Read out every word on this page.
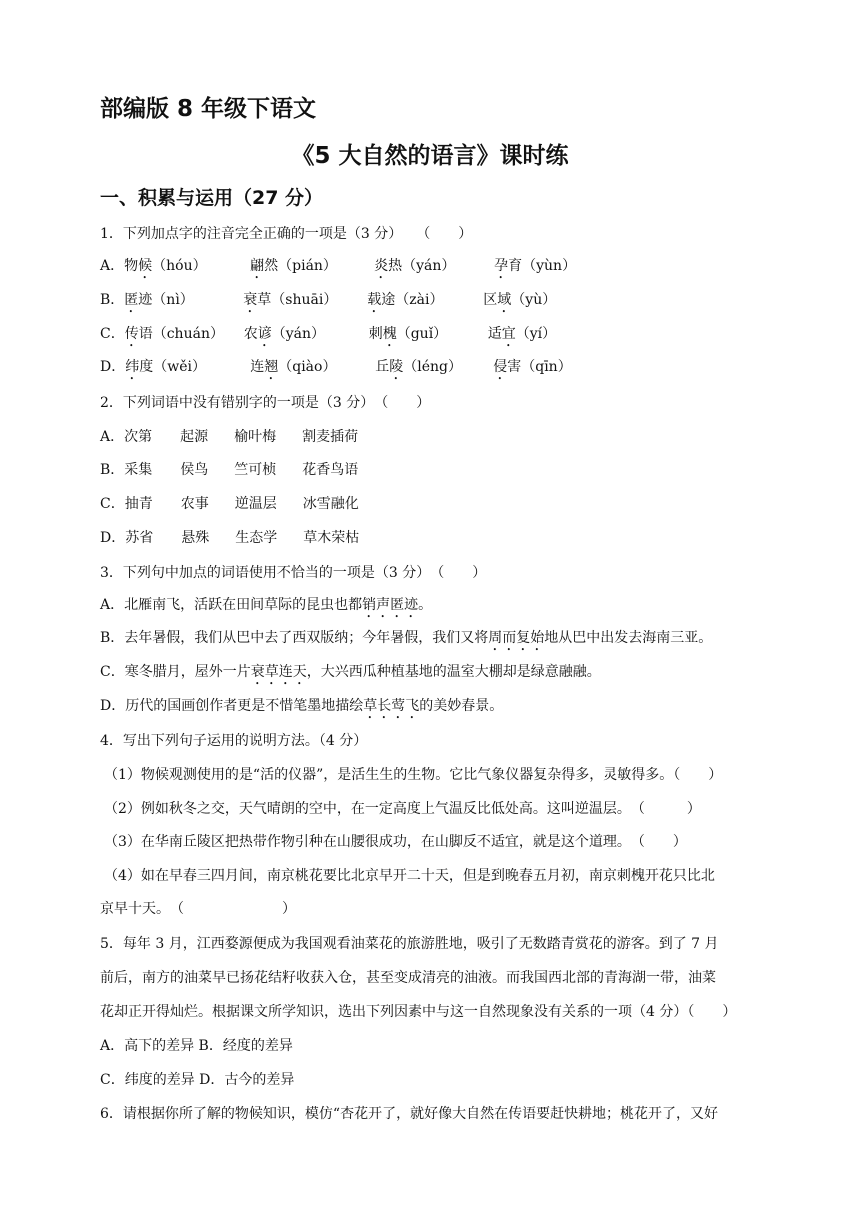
部编版 8 年级下语文
《5 大自然的语言》课时练
一、积累与运用（27 分）
1．下列加点字的注音完全正确的一项是（3 分）　　（　　）
A．物候（hóu）	翩然（pián）	炎热（yán）	孕育（yùn）
B．匿迹（nì）	衰草（shuāi） 载途（zài）	区域（yù）
C．传语（chuán） 农谚（yán）	刺槐（guǐ）	适宜（yí）
D．纬度（wěi）	连翘（qiào）	丘陵（léng） 侵害（qīn）
2．下列词语中没有错别字的一项是（3 分）　（　　）
A．次第 起源 榆叶梅 割麦插荷
B．采集 侯鸟 竺可桢 花香鸟语
C．抽青 农事 逆温层 冰雪融化
D．苏省 悬殊 生态学 草木荣枯
3．下列句中加点的词语使用不恰当的一项是（3 分）　（　　）
A．北雁南飞，活跃在田间草际的昆虫也都销声匿迹。
B．去年暑假，我们从巴中去了西双版纳；今年暑假，我们又将周而复始地从巴中出发去海南三亚。
C．寒冬腊月，屋外一片衰草连天，大兴西瓜种植基地的温室大棚却是绿意融融。
D．历代的国画创作者更是不惜笔墨地描绘草长莺飞的美妙春景。
4．写出下列句子运用的说明方法。（4 分）
（1）物候观测使用的是“活的仪器”，是活生生的生物。它比气象仪器复杂得多，灵敏得多。（　　）
（2）例如秋冬之交，天气晴朗的空中，在一定高度上气温反比低处高。这叫逆温层。　（　　　）
（3）在华南丘陵区把热带作物引种在山腰很成功，在山脚反不适宜，就是这个道理。　（　　）
（4）如在早春三四月间，南京桃花要比北京早开二十天，但是到晚春五月初，南京刺槐开花只比北
京早十天。　（　　　　　　　）
5．每年 3 月，江西婺源便成为我国观看油菜花的旅游胜地，吸引了无数踏青赏花的游客。到了 7 月
前后，南方的油菜早已扬花结籽收获入仓，甚至变成清亮的油液。而我国西北部的青海湖一带，油菜
花却正开得灿烂。根据课文所学知识，选出下列因素中与这一自然现象没有关系的一项（4 分）（　　）
A．高下的差异 B．经度的差异
C．纬度的差异 D．古今的差异
6．请根据你所了解的物候知识，模仿“杏花开了，就好像大自然在传语要赶快耕地；桃花开了，又好
